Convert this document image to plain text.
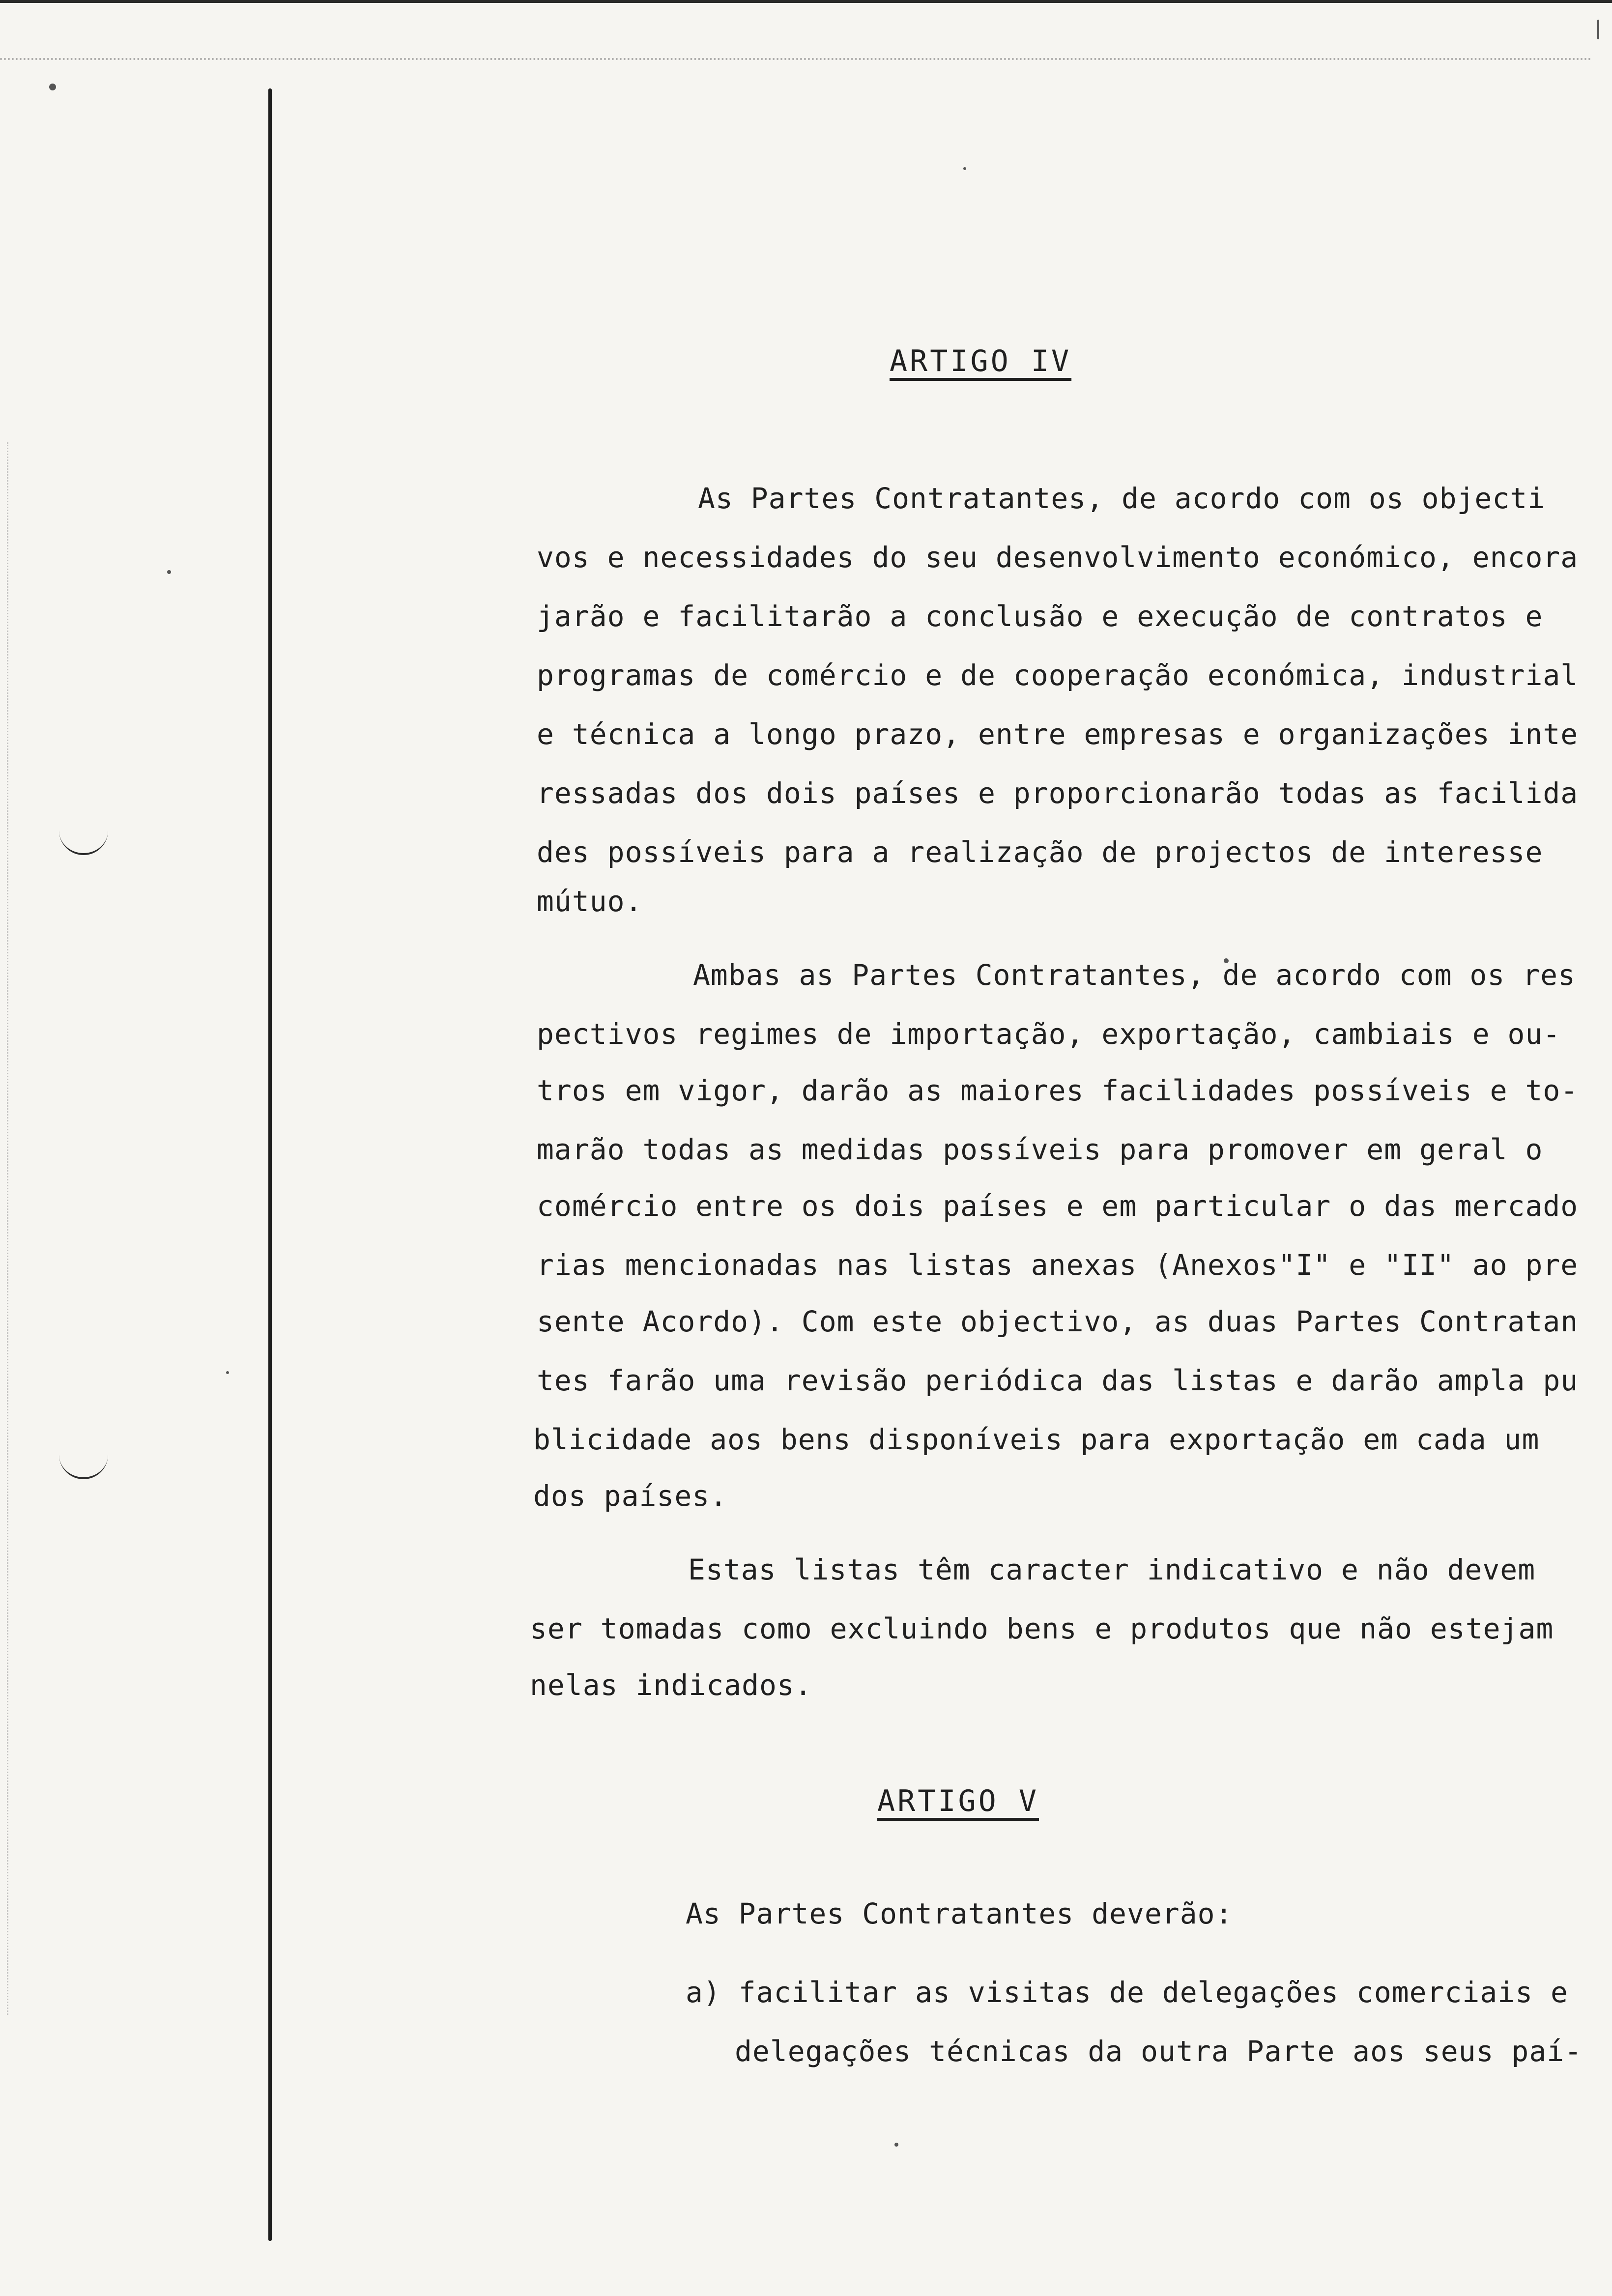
ARTIGO IV
As Partes Contratantes, de acordo com os objecti
vos e necessidades do seu desenvolvimento económico, encora
jarão e facilitarão a conclusão e execução de contratos e
programas de comércio e de cooperação económica, industrial
e técnica a longo prazo, entre empresas e organizações inte
ressadas dos dois países e proporcionarão todas as facilida
des possíveis para a realização de projectos de interesse
mútuo.
Ambas as Partes Contratantes, de acordo com os res
pectivos regimes de importação, exportação, cambiais e ou-
tros em vigor, darão as maiores facilidades possíveis e to-
marão todas as medidas possíveis para promover em geral o
comércio entre os dois países e em particular o das mercado
rias mencionadas nas listas anexas (Anexos"I" e "II" ao pre
sente Acordo). Com este objectivo, as duas Partes Contratan
tes farão uma revisão periódica das listas e darão ampla pu
blicidade aos bens disponíveis para exportação em cada um
dos países.
Estas listas têm caracter indicativo e não devem
ser tomadas como excluindo bens e produtos que não estejam
nelas indicados.
ARTIGO V
As Partes Contratantes deverão:
a) facilitar as visitas de delegações comerciais e
delegações técnicas da outra Parte aos seus paí-
